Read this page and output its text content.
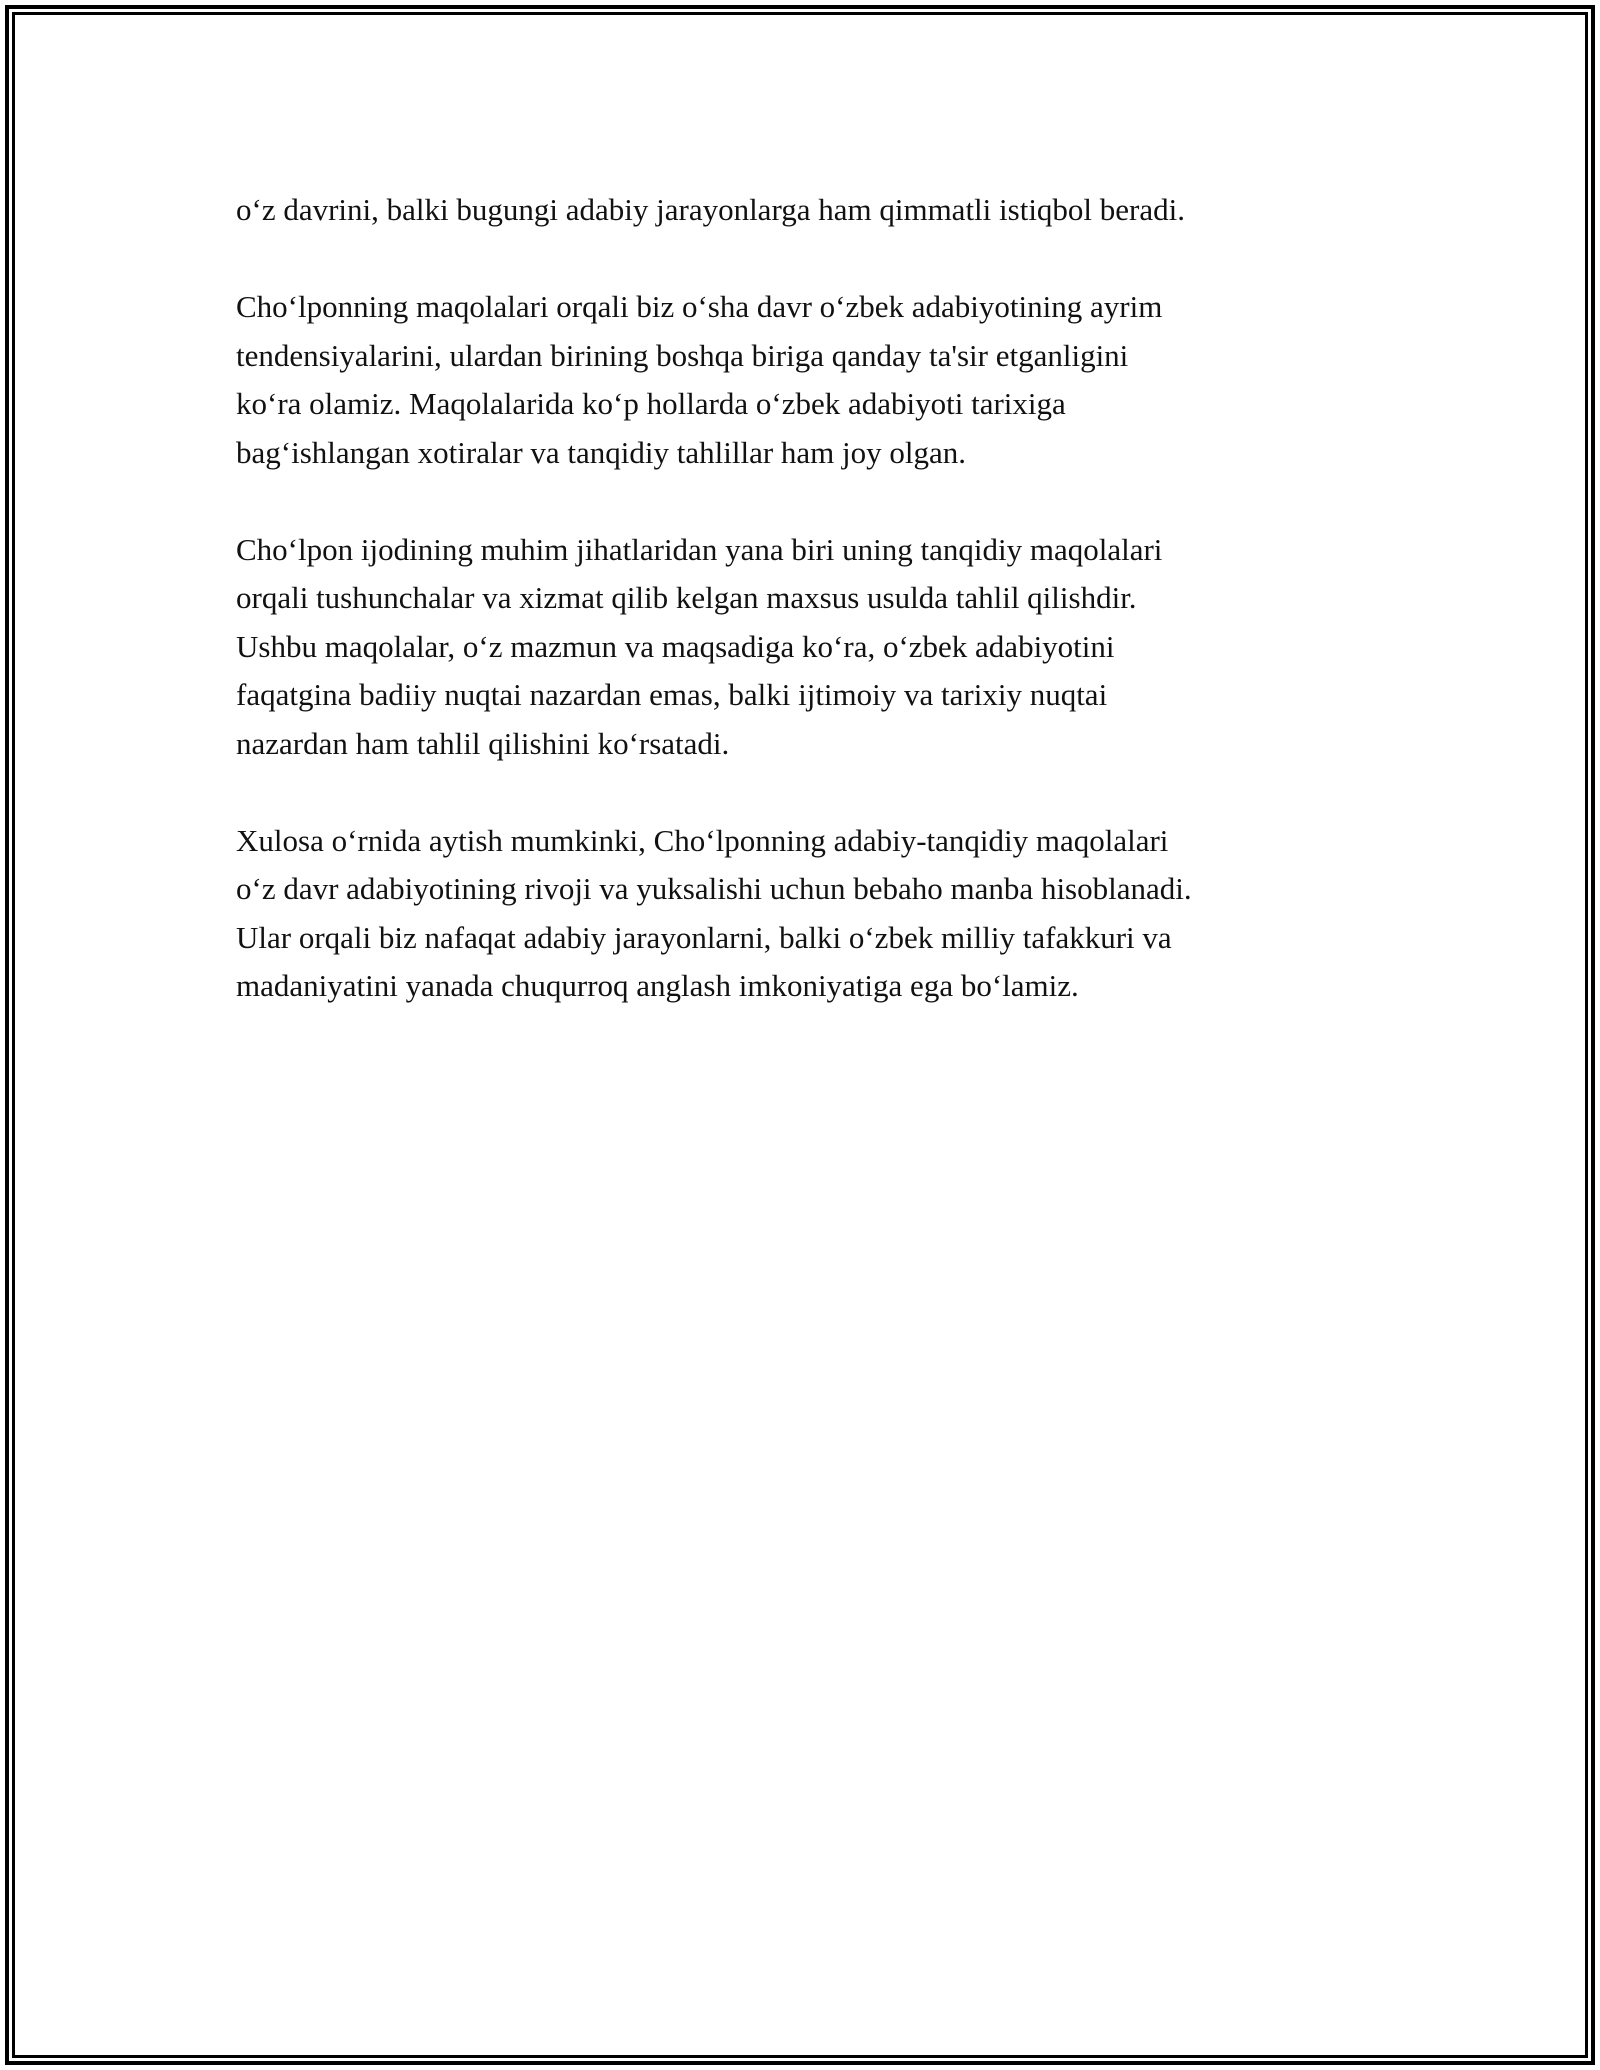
o‘z davrini, balki bugungi adabiy jarayonlarga ham qimmatli istiqbol beradi.

Cho‘lponning maqolalari orqali biz o‘sha davr o‘zbek adabiyotining ayrim
tendensiyalarini, ulardan birining boshqa biriga qanday ta'sir etganligini
ko‘ra olamiz. Maqolalarida ko‘p hollarda o‘zbek adabiyoti tarixiga
bag‘ishlangan xotiralar va tanqidiy tahlillar ham joy olgan.

Cho‘lpon ijodining muhim jihatlaridan yana biri uning tanqidiy maqolalari
orqali tushunchalar va xizmat qilib kelgan maxsus usulda tahlil qilishdir.
Ushbu maqolalar, o‘z mazmun va maqsadiga ko‘ra, o‘zbek adabiyotini
faqatgina badiiy nuqtai nazardan emas, balki ijtimoiy va tarixiy nuqtai
nazardan ham tahlil qilishini ko‘rsatadi.

Xulosa o‘rnida aytish mumkinki, Cho‘lponning adabiy-tanqidiy maqolalari
o‘z davr adabiyotining rivoji va yuksalishi uchun bebaho manba hisoblanadi.
Ular orqali biz nafaqat adabiy jarayonlarni, balki o‘zbek milliy tafakkuri va
madaniyatini yanada chuqurroq anglash imkoniyatiga ega bo‘lamiz.
